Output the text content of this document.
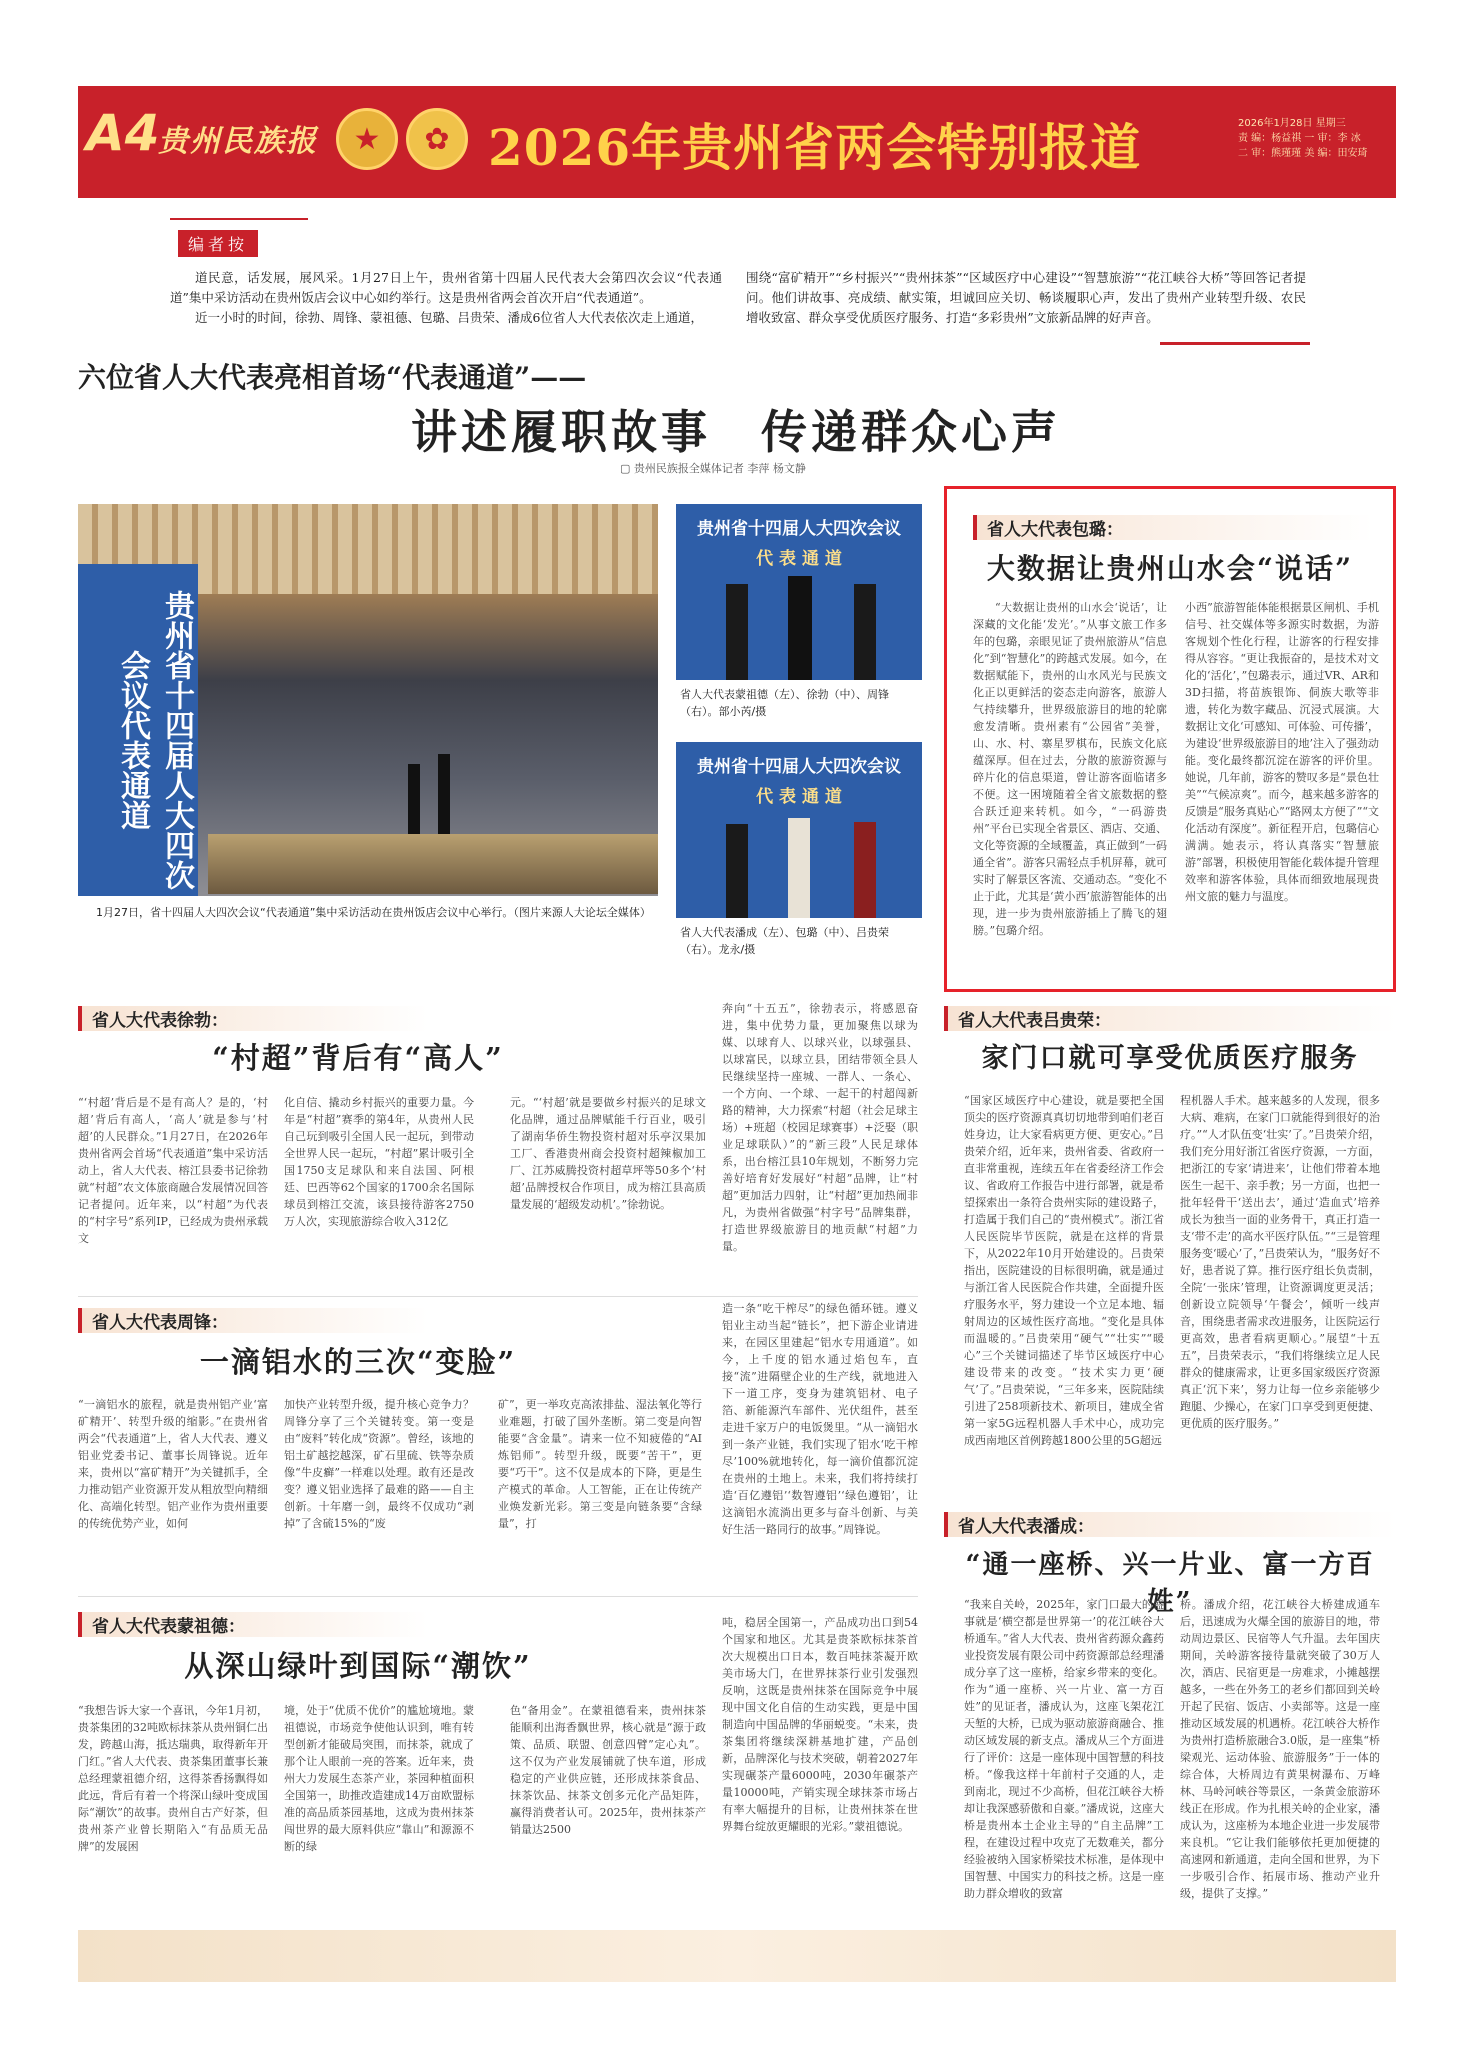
A4
贵州民族报	★	✿ 2026年贵州省两会特别报道	2026年1月28日 星期三
责 编：杨益祺 一 审：李 冰
二 审：熊瑾瑾 美 编：田安琦
编者按

道民意，话发展，展风采。1月27日上午，贵州省第十四届人民代表大会第四次会议“代表通道”集中采访活动在贵州饭店会议中心如约举行。这是贵州省两会首次开启“代表通道”。

近一小时的时间，徐勃、周锋、蒙祖德、包璐、吕贵荣、潘成6位省人大代表依次走上通道，

围绕“富矿精开”“乡村振兴”“贵州抹茶”“区域医疗中心建设”“智慧旅游”“花江峡谷大桥”等回答记者提问。他们讲故事、亮成绩、献实策，坦诚回应关切、畅谈履职心声，发出了贵州产业转型升级、农民增收致富、群众享受优质医疗服务、打造“多彩贵州”文旅新品牌的好声音。
六位省人大代表亮相首场“代表通道”——
讲述履职故事　传递群众心声
▢ 贵州民族报全媒体记者 李萍 杨文静
贵州省十四届人大四次会议代表通道
1月27日，省十四届人大四次会议“代表通道”集中采访活动在贵州饭店会议中心举行。（图片来源人大论坛全媒体）
贵州省十四届人大四次会议
代 表 通 道
省人大代表蒙祖德（左）、徐勃（中）、周锋（右）。部小芮/摄
贵州省十四届人大四次会议
代 表 通 道
省人大代表潘成（左）、包璐（中）、吕贵荣（右）。龙永/摄
省人大代表包璐：
大数据让贵州山水会“说话”
“大数据让贵州的山水会‘说话’，让深藏的文化能‘发光’。”从事文旅工作多年的包璐，亲眼见证了贵州旅游从“信息化”到“智慧化”的跨越式发展。如今，在数据赋能下，贵州的山水风光与民族文化正以更鲜活的姿态走向游客，旅游人气持续攀升，世界级旅游目的地的轮廓愈发清晰。贵州素有“公园省”美誉，山、水、村、寨星罗棋布，民族文化底蕴深厚。但在过去，分散的旅游资源与碎片化的信息渠道，曾让游客面临诸多不便。这一困境随着全省文旅数据的整合跃迁迎来转机。如今，“一码游贵州”平台已实现全省景区、酒店、交通、文化等资源的全域覆盖，真正做到“一码通全省”。游客只需轻点手机屏幕，就可实时了解景区客流、交通动态。“变化不止于此，尤其是‘黄小西’旅游智能体的出现，进一步为贵州旅游插上了腾飞的翅膀。”包璐介绍。
小西”旅游智能体能根据景区闸机、手机信号、社交媒体等多源实时数据，为游客规划个性化行程，让游客的行程安排得从容容。“更让我振奋的，是技术对文化的‘活化’，”包璐表示，通过VR、AR和3D扫描，将苗族银饰、侗族大歌等非遗，转化为数字藏品、沉浸式展演。大数据让文化‘可感知、可体验、可传播’，为建设‘世界级旅游目的地’注入了强劲动能。变化最终都沉淀在游客的评价里。她说，几年前，游客的赞叹多是“景色壮美”“气候凉爽”。而今，越来越多游客的反馈是“服务真贴心”“路网太方便了”“文化活动有深度”。新征程开启，包璐信心满满。她表示，将认真落实“智慧旅游”部署，积极使用智能化载体提升管理效率和游客体验，具体而细致地展现贵州文旅的魅力与温度。
省人大代表徐勃：
“村超”背后有“高人”
“‘村超’背后是不是有高人？是的，‘村超’背后有高人，‘高人’就是参与‘村超’的人民群众。”1月27日，在2026年贵州省两会首场“代表通道”集中采访活动上，省人大代表、榕江县委书记徐勃就“村超”农文体旅商融合发展情况回答记者提问。近年来，以“村超”为代表的“村字号”系列IP，已经成为贵州承载文
化自信、撬动乡村振兴的重要力量。今年是“村超”赛季的第4年，从贵州人民自己玩到吸引全国人民一起玩，到带动全世界人民一起玩，“村超”累计吸引全国1750支足球队和来自法国、阿根廷、巴西等62个国家的1700余名国际球员到榕江交流，该县接待游客2750万人次，实现旅游综合收入312亿
元。“‘村超’就是要做乡村振兴的足球文化品牌，通过品牌赋能千行百业，吸引了湖南华侨生物投资村超对乐亭汉果加工厂、香港贵州商会投资村超辣椒加工厂、江苏威腾投资村超草坪等50多个‘村超’品牌授权合作项目，成为榕江县高质量发展的‘超级发动机’。”徐勃说。
奔向“十五五”，徐勃表示，将感恩奋进，集中优势力量，更加聚焦以球为媒、以球育人、以球兴业，以球强县、以球富民，以球立县，团结带领全县人民继续坚持一座城、一群人、一条心、一个方向、一个球、一起干的村超闯新路的精神，大力探索“村超（社会足球主场）+班超（校园足球赛事）+泛娶（职业足球联队）”的“新三段”人民足球体系，出台榕江县10年规划，不断努力完善好培育好发展好“村超”品牌，让“村超”更加活力四射，让“村超”更加热闹非凡，为贵州省做强“村字号”品牌集群，打造世界级旅游目的地贡献“村超”力量。
省人大代表周锋：
一滴铝水的三次“变脸”
“一滴铝水的旅程，就是贵州铝产业‘富矿精开’、转型升级的缩影。”在贵州省两会“代表通道”上，省人大代表、遵义铝业党委书记、董事长周锋说。近年来，贵州以“富矿精开”为关键抓手，全力推动铝产业资源开发从粗放型向精细化、高端化转型。铝产业作为贵州重要的传统优势产业，如何
加快产业转型升级，提升核心竞争力？周锋分享了三个关键转变。第一变是由“废料”转化成“资源”。曾经，该地的铝土矿越挖越深，矿石里硫、铁等杂质像“牛皮癣”一样难以处理。敢有还是改变？遵义铝业选择了最难的路——自主创新。十年磨一剑，最终不仅成功“剥掉”了含硫15%的“废
矿”，更一举攻克高浓排盐、湿法氧化等行业难题，打破了国外垄断。第二变是向智能要“含金量”。请来一位不知疲倦的“AI炼铝师”。转型升级，既要“苦干”，更要“巧干”。这不仅是成本的下降，更是生产模式的革命。人工智能，正在让传统产业焕发新光彩。第三变是向链条要“含绿量”，打
造一条“吃干榨尽”的绿色循环链。遵义铝业主动当起“链长”，把下游企业请进来，在园区里建起“铝水专用通道”。如今，上千度的铝水通过焰包车，直接“流”进隔壁企业的生产线，就地进入下一道工序，变身为建筑铝材、电子箔、新能源汽车部件、光伏组件，甚至走进千家万户的电饭煲里。“从一滴铝水到一条产业链，我们实现了铝水‘吃干榨尽’100%就地转化，每一滴价值都沉淀在贵州的土地上。未来，我们将持续打造‘百亿遵铝’‘数智遵铝’‘绿色遵铝’，让这滴铝水流淌出更多与奋斗创新、与美好生活一路同行的故事。”周锋说。
省人大代表蒙祖德：
从深山绿叶到国际“潮饮”
“我想告诉大家一个喜讯，今年1月初，贵茶集团的32吨欧标抹茶从贵州铜仁出发，跨越山海，抵达瑞典，取得新年开门红。”省人大代表、贵茶集团董事长兼总经理蒙祖德介绍，这得茶香扬飘得如此远，背后有着一个将深山绿叶变成国际“潮饮”的故事。贵州自古产好茶，但贵州茶产业曾长期陷入“有品质无品牌”的发展困
境，处于“优质不优价”的尴尬境地。蒙祖德说，市场竞争使他认识到，唯有转型创新才能破局突围，而抹茶，就成了那个让人眼前一亮的答案。近年来，贵州大力发展生态茶产业，茶园种植面积全国第一，助推改造建成14万亩欧盟标准的高品质茶园基地，这成为贵州抹茶闯世界的最大原料供应“靠山”和源源不断的绿
色“备用金”。在蒙祖德看来，贵州抹茶能顺利出海香飘世界，核心就是“源于政策、品质、联盟、创意四臂”定心丸”。这不仅为产业发展铺就了快车道，形成稳定的产业供应链，还形成抹茶食品、抹茶饮品、抹茶文创多元化产品矩阵，赢得消费者认可。2025年，贵州抹茶产销量达2500
吨，稳居全国第一，产品成功出口到54个国家和地区。尤其是贵茶欧标抹茶首次大规模出口日本，数百吨抹茶凝开欧美市场大门，在世界抹茶行业引发强烈反响，这既是贵州抹茶在国际竞争中展现中国文化自信的生动实践，更是中国制造向中国品牌的华丽蜕变。“未来，贵茶集团将继续深耕基地扩建，产品创新，品牌深化与技术突破，朝着2027年实现碾茶产量6000吨，2030年碾茶产量10000吨，产销实现全球抹茶市场占有率大幅提升的目标，让贵州抹茶在世界舞台绽放更耀眼的光彩。”蒙祖德说。
省人大代表吕贵荣：
家门口就可享受优质医疗服务
“国家区域医疗中心建设，就是要把全国顶尖的医疗资源真真切切地带到咱们老百姓身边，让大家看病更方便、更安心。”吕贵荣介绍，近年来，贵州省委、省政府一直非常重视，连续五年在省委经济工作会议、省政府工作报告中进行部署，就是希望探索出一条符合贵州实际的建设路子，打造属于我们自己的“贵州模式”。浙江省人民医院毕节医院，就是在这样的背景下，从2022年10月开始建设的。吕贵荣指出，医院建设的目标很明确，就是通过与浙江省人民医院合作共建，全面提升医疗服务水平，努力建设一个立足本地、辐射周边的区域性医疗高地。“变化是具体而温暖的。”吕贵荣用“硬气”“壮实”“暖心”三个关键词描述了毕节区域医疗中心建设带来的改变。“技术实力更‘硬气’了。”吕贵荣说，“三年多来，医院陆续引进了258项新技术、新项目，建成全省第一家5G远程机器人手术中心，成功完成西南地区首例跨越1800公里的5G超远
程机器人手术。越来越多的人发现，很多大病、难病，在家门口就能得到很好的治疗。”“人才队伍变‘壮实’了。”吕贵荣介绍，我们充分用好浙江省医疗资源，一方面，把浙江的专家‘请进来’，让他们带着本地医生一起干、亲手教；另一方面，也把一批年轻骨干‘送出去’，通过‘造血式’培养成长为独当一面的业务骨干，真正打造一支‘带不走’的高水平医疗队伍。”“三是管理服务变‘暖心’了，”吕贵荣认为，“服务好不好，患者说了算。推行医疗组长负责制，全院‘一张床’管理，让资源调度更灵活；创新设立院领导‘午餐会’，倾听一线声音，围绕患者需求改进服务，让医院运行更高效，患者看病更顺心。”展望“十五五”，吕贵荣表示，“我们将继续立足人民群众的健康需求，让更多国家级医疗资源真正‘沉下来’，努力让每一位乡亲能够少跑腿、少操心，在家门口享受到更便捷、更优质的医疗服务。”
省人大代表潘成：
“通一座桥、兴一片业、富一方百姓”
“我来自关岭，2025年，家门口最大的盛事就是‘横空都是世界第一’的花江峡谷大桥通车。”省人大代表、贵州省药源众鑫药业投资发展有限公司中药资源部总经理潘成分享了这一座桥，给家乡带来的变化。作为“通一座桥、兴一片业、富一方百姓”的见证者，潘成认为，这座飞架花江天堑的大桥，已成为驱动旅游商融合、推动区域发展的新支点。潘成从三个方面进行了评价：这是一座体现中国智慧的科技桥。“像我这样十年前村子交通的人，走到南北，现过不少高桥，但花江峡谷大桥却让我深感骄傲和自豪。”潘成说，这座大桥是贵州本土企业主导的“自主品牌”工程，在建设过程中攻克了无数难关，都分经验被纳入国家桥梁技术标准，是体现中国智慧、中国实力的科技之桥。这是一座助力群众增收的致富
桥。潘成介绍，花江峡谷大桥建成通车后，迅速成为火爆全国的旅游目的地，带动周边景区、民宿等人气升温。去年国庆期间，关岭游客接待量就突破了30万人次，酒店、民宿更是一房难求，小摊越摆越多，一些在外务工的老乡们都回到关岭开起了民宿、饭店、小卖部等。这是一座推动区域发展的机遇桥。花江峡谷大桥作为贵州打造桥旅融合3.0版，是一座集“桥梁观光、运动体验、旅游服务”于一体的综合体，大桥周边有黄果树瀑布、万峰林、马岭河峡谷等景区，一条黄金旅游环线正在形成。作为扎根关岭的企业家，潘成认为，这座桥为本地企业进一步发展带来良机。“它让我们能够依托更加便捷的高速网和新通道，走向全国和世界，为下一步吸引合作、拓展市场、推动产业升级，提供了支撑。”
